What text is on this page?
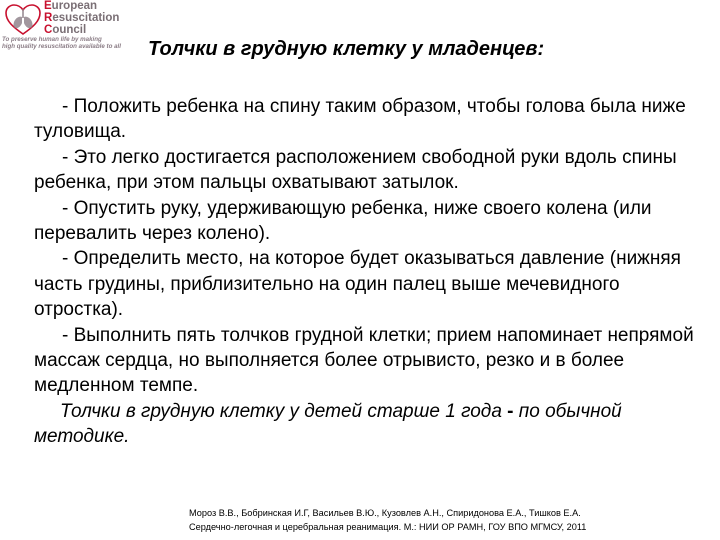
European
Resuscitation
Council
To preserve human life by making
high quality resuscitation available to all Толчки в грудную клетку у младенцев:

- Положить ребенка на спину таким образом, чтобы голова была ниже туловища.

- Это легко достигается расположением свободной руки вдоль спины ребенка, при этом пальцы охватывают затылок.

- Опустить руку, удерживающую ребенка, ниже своего колена (или перевалить через колено).

- Определить место, на которое будет оказываться давление (нижняя часть грудины, приблизительно на один палец выше мечевидного отростка).

- Выполнить пять толчков грудной клетки; прием напоминает непрямой массаж сердца, но выполняется более отрывисто, резко и в более медленном темпе.

Толчки в грудную клетку у детей старше 1 года - по обычной методике.

Мороз В.В., Бобринская И.Г, Васильев В.Ю., Кузовлев А.Н., Спиридонова Е.А., Тишков Е.А.
Сердечно-легочная и церебральная реанимация. М.: НИИ ОР РАМН, ГОУ ВПО МГМСУ, 2011
